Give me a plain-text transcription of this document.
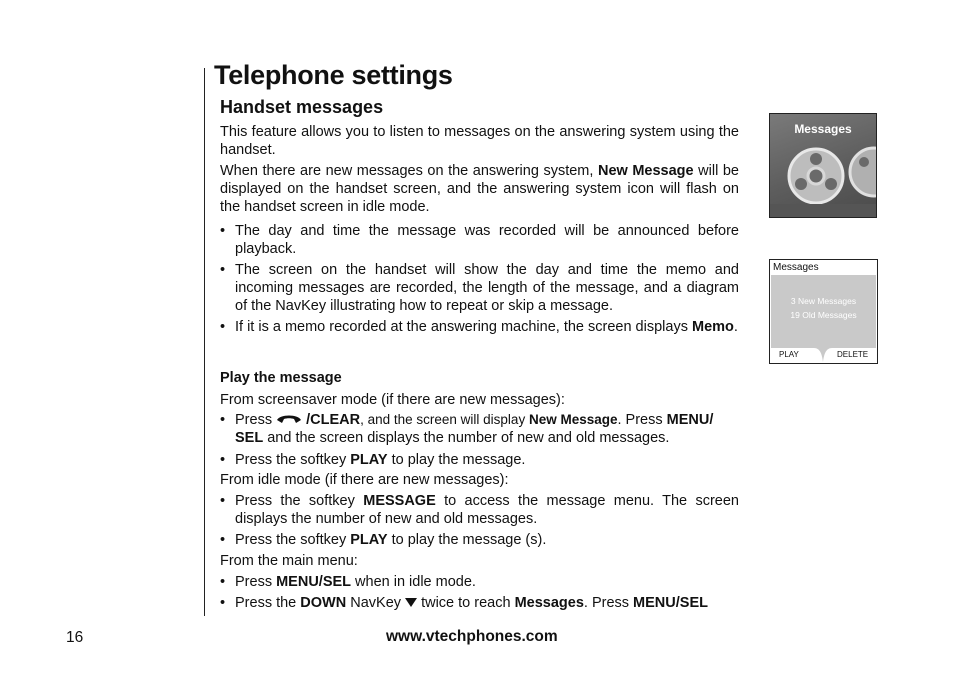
Telephone settings
Handset messages

This feature allows you to listen to messages on the answering system using the handset.

When there are new messages on the answering system, New Message will be displayed on the handset screen, and the answering system icon will flash on the handset screen in idle mode.

• The day and time the message was recorded will be announced before playback.
• The screen on the handset will show the day and time the memo and incoming messages are recorded, the length of the message, and a diagram of the NavKey illustrating how to repeat or skip a message.
• If it is a memo recorded at the answering machine, the screen displays Memo.
Play the message
From screensaver mode (if there are new messages):
• Press  /CLEAR, and the screen will display New Message. Press MENU/ SEL and the screen displays the number of new and old messages.
• Press the softkey PLAY to play the message.
From idle mode (if there are new messages):
• Press the softkey MESSAGE to access the message menu. The screen displays the number of new and old messages.
• Press the softkey PLAY to play the message (s).
From the main menu:
• Press MENU/SEL when in idle mode.
• Press the DOWN NavKey  twice to reach Messages. Press MENU/SEL
Messages
Messages
3 New Messages
19 Old Messages
PLAY	DELETE
16	www.vtechphones.com
